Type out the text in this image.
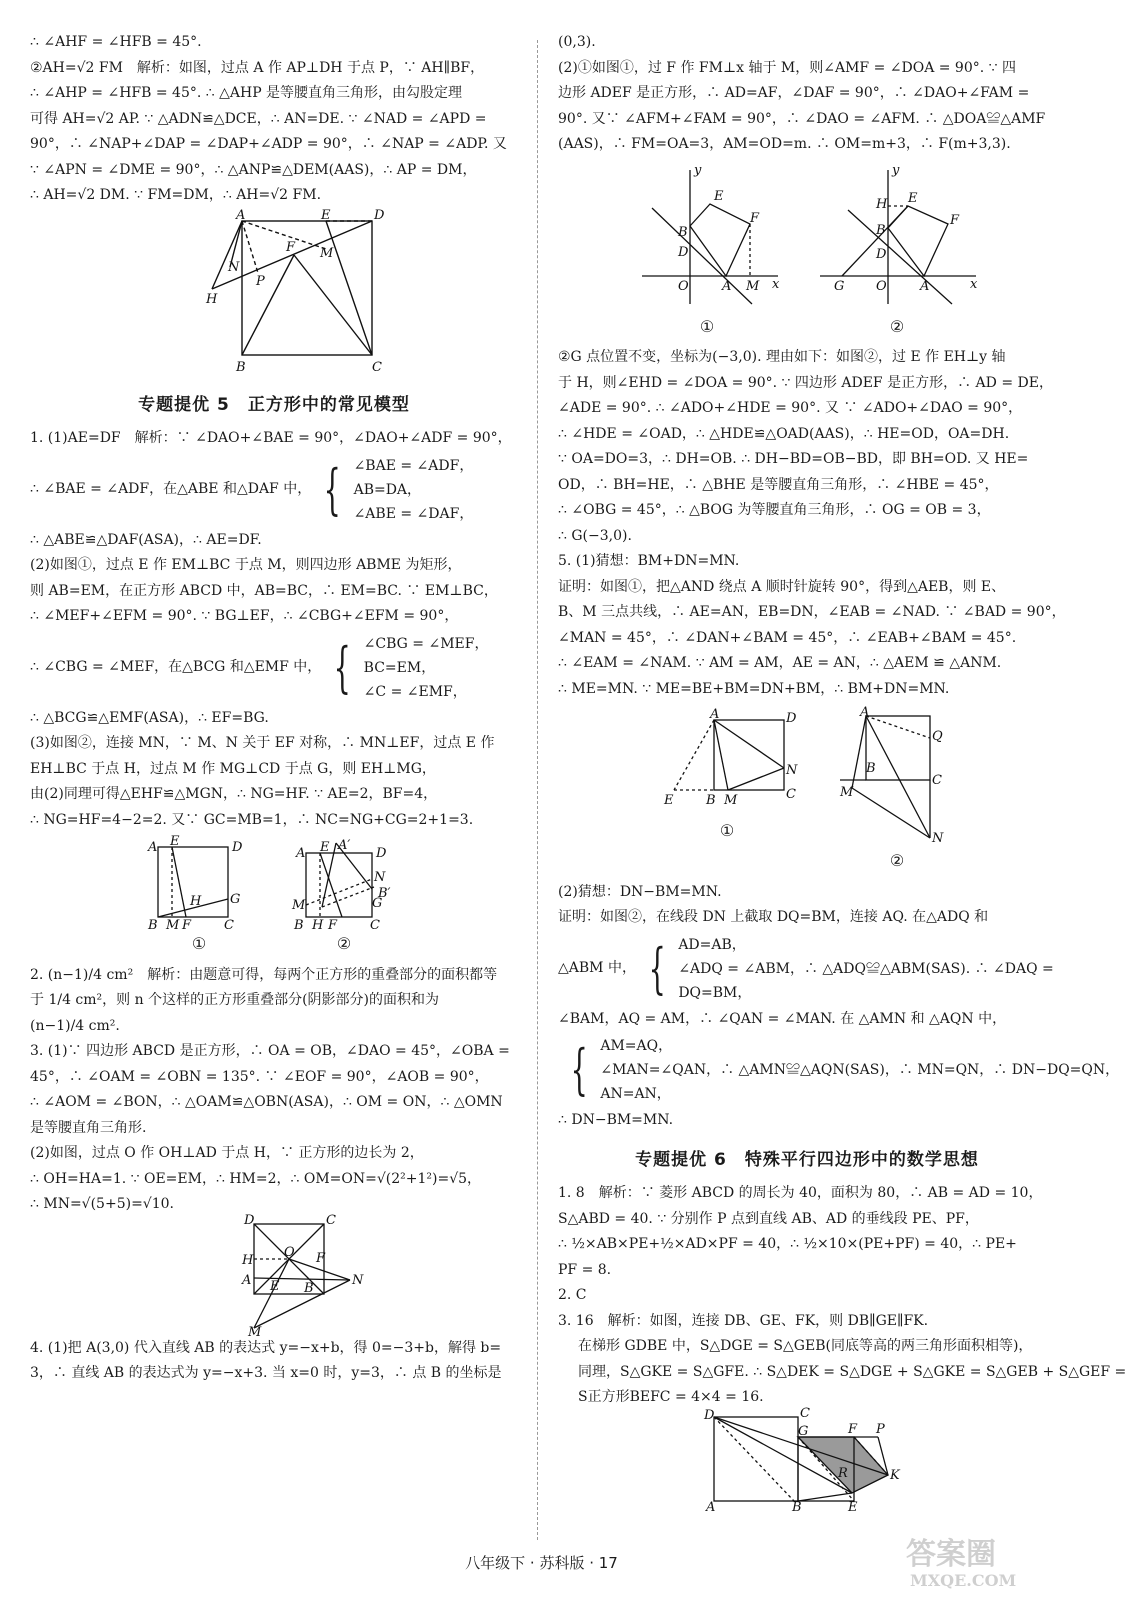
∴ ∠AHF = ∠HFB = 45°.

②AH=√2 FM　解析：如图，过点 A 作 AP⊥DH 于点 P，∵ AH∥BF，

∴ ∠AHP = ∠HFB = 45°. ∴ △AHP 是等腰直角三角形，由勾股定理

可得 AH=√2 AP. ∵ △ADN≌△DCE，∴ AN=DE. ∵ ∠NAD = ∠APD =

90°，∴ ∠NAP+∠DAP = ∠DAP+∠ADP = 90°，∴ ∠NAP = ∠ADP. 又

∵ ∠APN = ∠DME = 90°，∴ △ANP≌△DEM(AAS)，∴ AP = DM，

∴ AH=√2 DM. ∵ FM=DM，∴ AH=√2 FM.

A	E	D
F M
N
P
H
B	C
专题提优 5　正方形中的常见模型

1. (1)AE=DF　解析：∵ ∠DAO+∠BAE = 90°，∠DAO+∠ADF = 90°，

∴ ∠BAE = ∠ADF，在△ABE 和△DAF 中， { ∠BAE = ∠ADF，
AB=DA，
∠ABE = ∠DAF，

∴ △ABE≌△DAF(ASA)，∴ AE=DF.

(2)如图①，过点 E 作 EM⊥BC 于点 M，则四边形 ABME 为矩形，

则 AB=EM，在正方形 ABCD 中，AB=BC，∴ EM=BC. ∵ EM⊥BC，

∴ ∠MEF+∠EFM = 90°. ∵ BG⊥EF，∴ ∠CBG+∠EFM = 90°，

∴ ∠CBG = ∠MEF，在△BCG 和△EMF 中， { ∠CBG = ∠MEF，
BC=EM，
∠C = ∠EMF，

∴ △BCG≌△EMF(ASA)，∴ EF=BG.

(3)如图②，连接 MN，∵ M、N 关于 EF 对称，∴ MN⊥EF，过点 E 作

EH⊥BC 于点 H，过点 M 作 MG⊥CD 于点 G，则 EH⊥MG，

由(2)同理可得△EHF≌△MGN，∴ NG=HF. ∵ AE=2，BF=4，

∴ NG=HF=4−2=2. 又∵ GC=MB=1，∴ NC=NG+CG=2+1=3.

A E	D
H G
B M F	C
①
A′
A E	D
N
B′
G
M
B H F	C
②

2. (n−1)/4 cm²　解析：由题意可得，每两个正方形的重叠部分的面积都等

于 1/4 cm²，则 n 个这样的正方形重叠部分(阴影部分)的面积和为

(n−1)/4 cm².

3. (1)∵ 四边形 ABCD 是正方形，∴ OA = OB，∠DAO = 45°，∠OBA =

45°，∴ ∠OAM = ∠OBN = 135°. ∵ ∠EOF = 90°，∠AOB = 90°，

∴ ∠AOM = ∠BON，∴ △OAM≌△OBN(ASA)，∴ OM = ON，∴ △OMN

是等腰直角三角形.

(2)如图，过点 O 作 OH⊥AD 于点 H，∵ 正方形的边长为 2，

∴ OH=HA=1. ∵ OE=EM，∴ HM=2，∴ OM=ON=√(2²+1²)=√5，

∴ MN=√(5+5)=√10.

D	C
O
H	F
A E B
N
M

4. (1)把 A(3,0) 代入直线 AB 的表达式 y=−x+b，得 0=−3+b，解得 b=

3，∴ 直线 AB 的表达式为 y=−x+3. 当 x=0 时，y=3，∴ 点 B 的坐标是

(0,3).

(2)①如图①，过 F 作 FM⊥x 轴于 M，则∠AMF = ∠DOA = 90°. ∵ 四

边形 ADEF 是正方形，∴ AD=AF，∠DAF = 90°，∴ ∠DAO+∠FAM =

90°. 又∵ ∠AFM+∠FAM = 90°，∴ ∠DAO = ∠AFM. ∴ △DOA≌△AMF

(AAS)，∴ FM=OA=3，AM=OD=m. ∴ OM=m+3，∴ F(m+3,3).

y
x
E
F
B
D
O	A M
①
y
x
H E
F
B
D
G O	A
②

②G 点位置不变，坐标为(−3,0). 理由如下：如图②，过 E 作 EH⊥y 轴

于 H，则∠EHD = ∠DOA = 90°. ∵ 四边形 ADEF 是正方形，∴ AD = DE，

∠ADE = 90°. ∴ ∠ADO+∠HDE = 90°. 又 ∵ ∠ADO+∠DAO = 90°，

∴ ∠HDE = ∠OAD，∴ △HDE≌△OAD(AAS)，∴ HE=OD，OA=DH.

∵ OA=DO=3，∴ DH=OB. ∴ DH−BD=OB−BD，即 BH=OD. 又 HE=

OD，∴ BH=HE，∴ △BHE 是等腰直角三角形，∴ ∠HBE = 45°，

∴ ∠OBG = 45°，∴ △BOG 为等腰直角三角形，∴ OG = OB = 3，

∴ G(−3,0).

5. (1)猜想：BM+DN=MN.

证明：如图①，把△AND 绕点 A 顺时针旋转 90°，得到△AEB，则 E、

B、M 三点共线，∴ AE=AN，EB=DN，∠EAB = ∠NAD. ∵ ∠BAD = 90°，

∠MAN = 45°，∴ ∠DAN+∠BAM = 45°，∴ ∠EAB+∠BAM = 45°.

∴ ∠EAM = ∠NAM. ∵ AM = AM，AE = AN，∴ △AEM ≌ △ANM.

∴ ME=MN. ∵ ME=BE+BM=DN+BM，∴ BM+DN=MN.

A	D
N
C
E	B M
①
A
Q
B
C
M
N
②

(2)猜想：DN−BM=MN.

证明：如图②，在线段 DN 上截取 DQ=BM，连接 AQ. 在△ADQ 和

△ABM 中， { AD=AB，
∠ADQ = ∠ABM，∴ △ADQ≌△ABM(SAS). ∴ ∠DAQ =
DQ=BM，

∠BAM，AQ = AM，∴ ∠QAN = ∠MAN. 在 △AMN 和 △AQN 中，

{ AM=AQ，
∠MAN=∠QAN，∴ △AMN≌△AQN(SAS)，∴ MN=QN，∴ DN−DQ=QN，
AN=AN，

∴ DN−BM=MN.

专题提优 6　特殊平行四边形中的数学思想

1. 8　解析：∵ 菱形 ABCD 的周长为 40，面积为 80，∴ AB = AD = 10，

S△ABD = 40. ∵ 分别作 P 点到直线 AB、AD 的垂线段 PE、PF，

∴ ½×AB×PE+½×AD×PF = 40，∴ ½×10×(PE+PF) = 40，∴ PE+

PF = 8.

2. C

3. 16　解析：如图，连接 DB、GE、FK，则 DB∥GE∥FK.

在梯形 GDBE 中，S△DGE = S△GEB(同底等高的两三角形面积相等)，

同理，S△GKE = S△GFE. ∴ S△DEK = S△DGE + S△GKE = S△GEB + S△GEF =

S正方形BEFC = 4×4 = 16.

D	C
G	F P
R	K
A	B	E
八年级下 · 苏科版 · 17	答案圈
MXQE.COM
